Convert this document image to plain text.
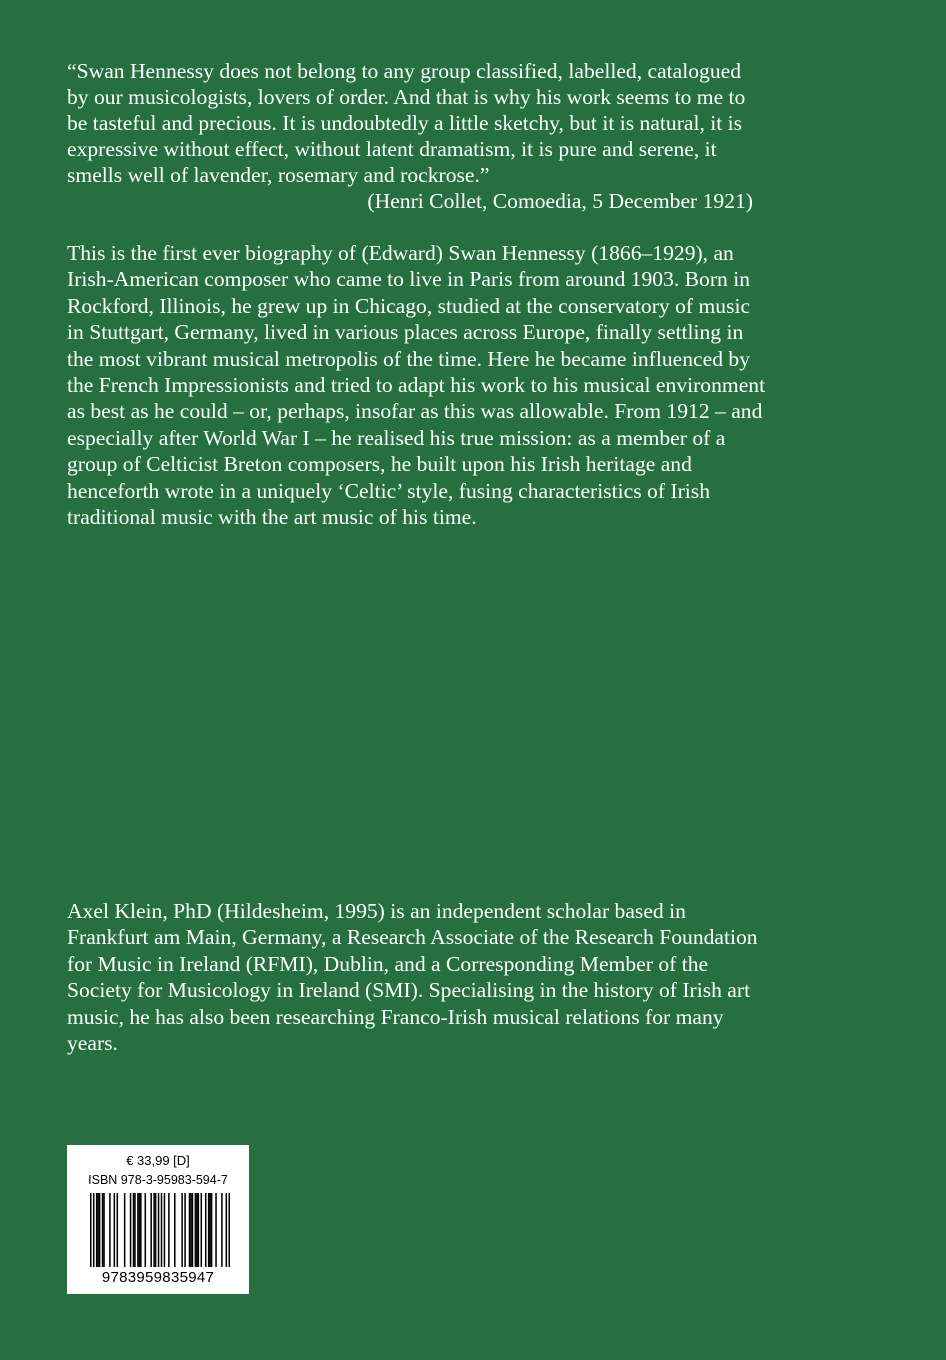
“Swan Hennessy does not belong to any group classified, labelled, catalogued by our musicologists, lovers of order. And that is why his work seems to me to be tasteful and precious. It is undoubtedly a little sketchy, but it is natural, it is expressive without effect, without latent dramatism, it is pure and serene, it smells well of lavender, rosemary and rockrose.”

(Henri Collet, Comoedia, 5 December 1921)

This is the first ever biography of (Edward) Swan Hennessy (1866–1929), an Irish-American composer who came to live in Paris from around 1903. Born in Rockford, Illinois, he grew up in Chicago, studied at the conservatory of music in Stuttgart, Germany, lived in various places across Europe, finally settling in the most vibrant musical metropolis of the time. Here he became influenced by the French Impressionists and tried to adapt his work to his musical environment as best as he could – or, perhaps, insofar as this was allowable. From 1912 – and especially after World War I – he realised his true mission: as a member of a group of Celticist Breton composers, he built upon his Irish heritage and henceforth wrote in a uniquely ‘Celtic’ style, fusing characteristics of Irish traditional music with the art music of his time.

Axel Klein, PhD (Hildesheim, 1995) is an independent scholar based in Frankfurt am Main, Germany, a Research Associate of the Research Foundation for Music in Ireland (RFMI), Dublin, and a Corresponding Member of the Society for Musicology in Ireland (SMI). Specialising in the history of Irish art music, he has also been researching Franco-Irish musical relations for many years.

€ 33,99 [D]
ISBN 978-3-95983-594-7
9783959835947
